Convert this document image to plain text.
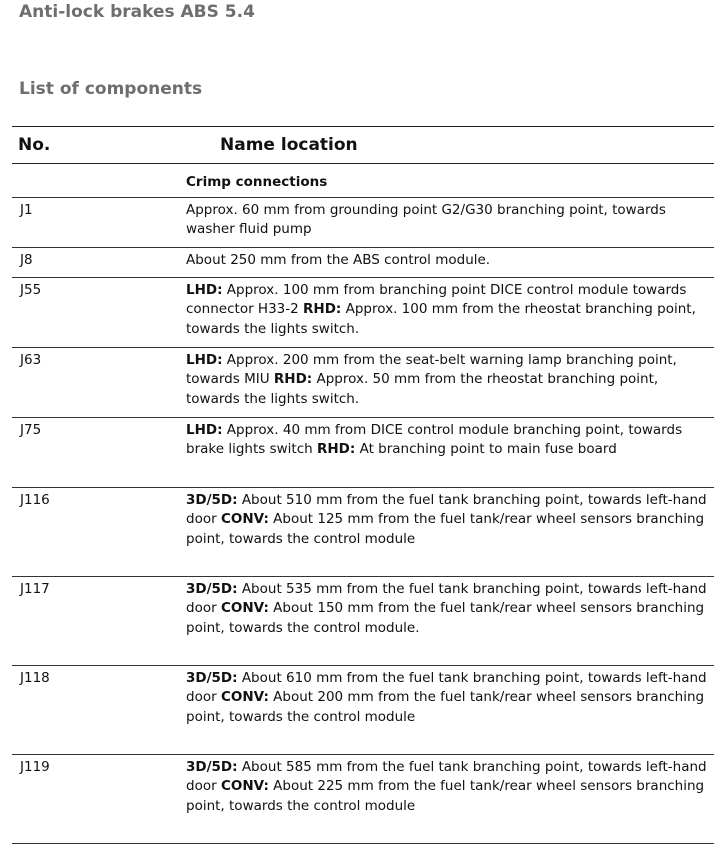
Anti-lock brakes ABS 5.4
List of components
No.	Name location
	Crimp connections
J1	Approx. 60 mm from grounding point G2/G30 branching point, towards washer fluid pump
J8	About 250 mm from the ABS control module.
J55	LHD: Approx. 100 mm from branching point DICE control module towards connector H33-2 RHD: Approx. 100 mm from the rheostat branching point, towards the lights switch.
J63	LHD: Approx. 200 mm from the seat-belt warning lamp branching point, towards MIU RHD: Approx. 50 mm from the rheostat branching point, towards the lights switch.
J75	LHD: Approx. 40 mm from DICE control module branching point, towards brake lights switch RHD: At branching point to main fuse board
J116	3D/5D: About 510 mm from the fuel tank branching point, towards left-hand door CONV: About 125 mm from the fuel tank/rear wheel sensors branching point, towards the control module
J117	3D/5D: About 535 mm from the fuel tank branching point, towards left-hand door CONV: About 150 mm from the fuel tank/rear wheel sensors branching point, towards the control module.
J118	3D/5D: About 610 mm from the fuel tank branching point, towards left-hand door CONV: About 200 mm from the fuel tank/rear wheel sensors branching point, towards the control module
J119	3D/5D: About 585 mm from the fuel tank branching point, towards left-hand door CONV: About 225 mm from the fuel tank/rear wheel sensors branching point, towards the control module
